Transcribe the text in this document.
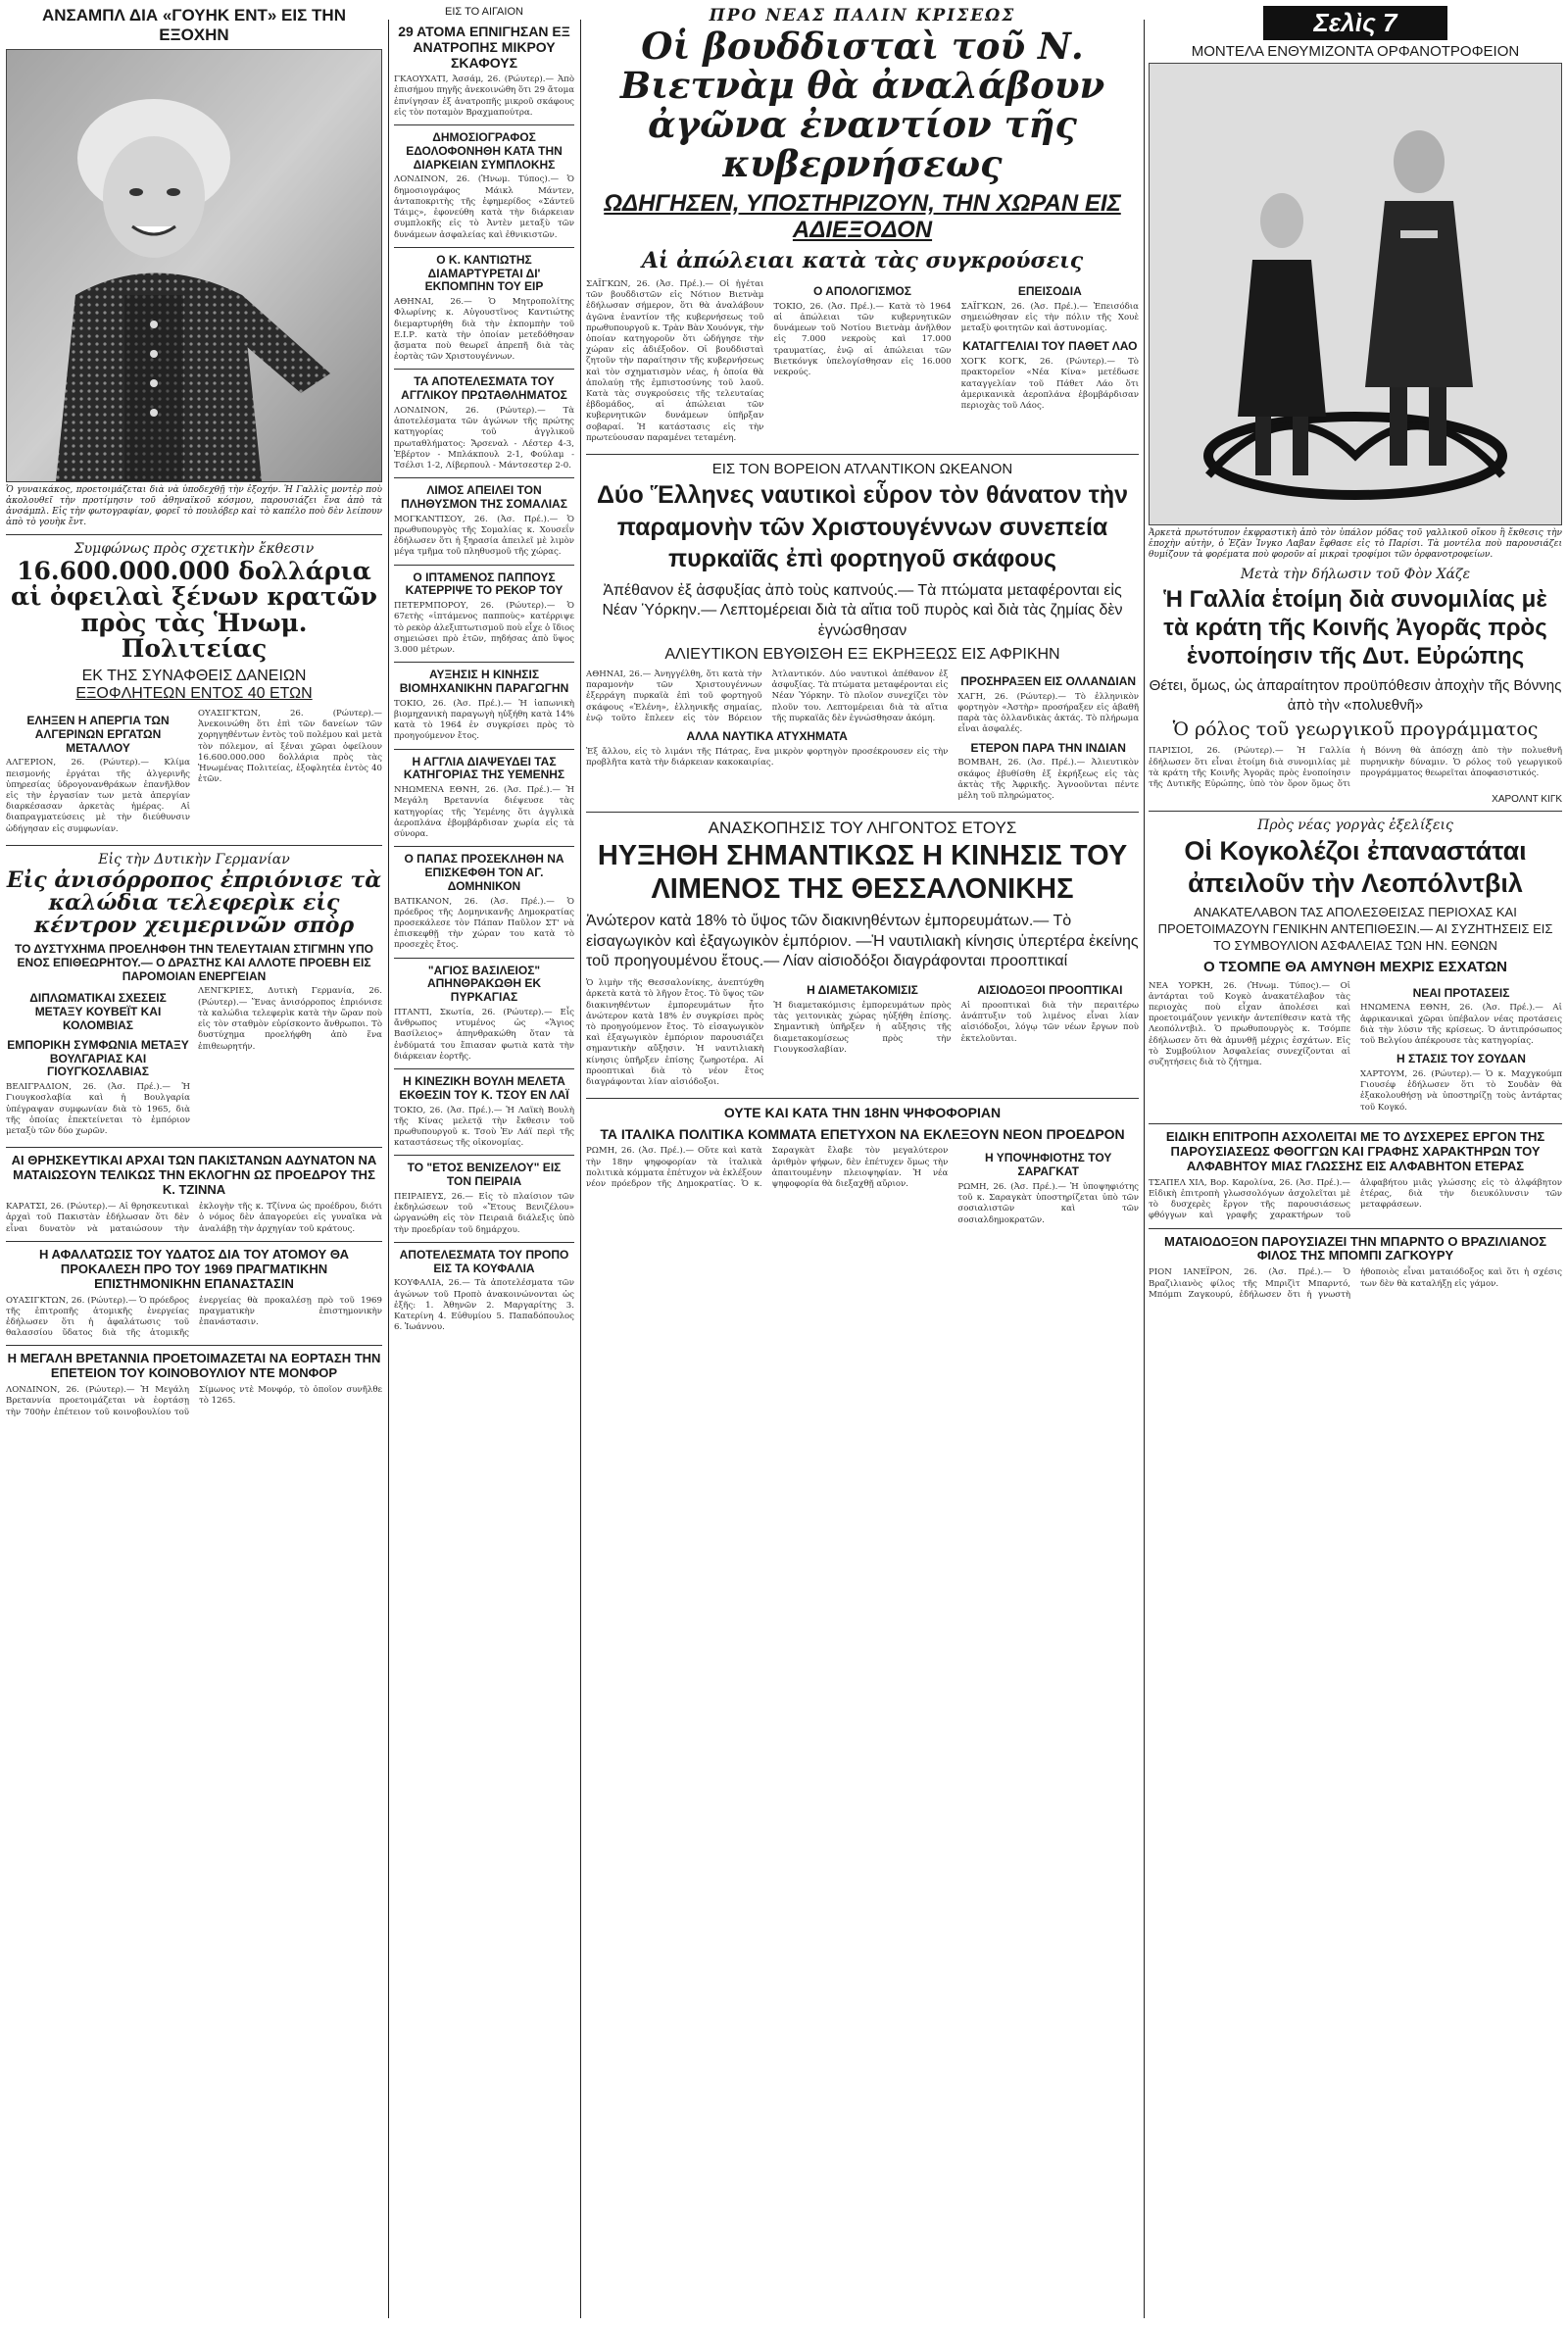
ΑΝΣΑΜΠΛ ΔΙΑ «ΓΟΥΗΚ ΕΝΤ» ΕΙΣ ΤΗΝ ΕΞΟΧΗΝ
Ὁ γυναικάκος, προετοιμάζεται διὰ νὰ ὑποδεχθῇ τὴν ἐξοχήν. Ἡ Γαλλὶς μοντὲρ ποὺ ἀκολουθεῖ τὴν προτίμησιν τοῦ ἀθηναϊκοῦ κόσμου, παρουσιάζει ἕνα ἀπὸ τὰ ἀνσάμπλ. Εἰς τὴν φωτογραφίαν, φορεῖ τὸ πουλόβερ καὶ τὸ καπέλο ποὺ δὲν λείπουν ἀπὸ τὸ γουὴκ ἔντ.
Συμφώνως πρὸς σχετικὴν ἔκθεσιν
16.600.000.000 δολλάρια αἱ ὀφειλαὶ ξένων κρατῶν πρὸς τὰς Ἡνωμ. Πολιτείας
ΕΚ ΤΗΣ ΣΥΝΑΦΘΕΙΣ ΔΑΝΕΙΩΝ
ΕΞΟΦΛΗΤΕΩΝ ΕΝΤΟΣ 40 ΕΤΩΝ
ΕΛΗΞΕΝ Η ΑΠΕΡΓΙΑ ΤΩΝ ΑΛΓΕΡΙΝΩΝ ΕΡΓΑΤΩΝ ΜΕΤΑΛΛΟΥ
ΑΛΓΕΡΙΟΝ, 26. (Ρώυτερ).— Κλίμα πεισμονής ἐργάται τῆς ἀλγερινῆς ὑπηρεσίας ὑδρογονανθράκων ἐπανῆλθον εἰς τὴν ἐργασίαν των μετὰ ἀπεργίαν διαρκέσασαν ἀρκετὰς ἡμέρας. Αἱ διαπραγματεύσεις μὲ τὴν διεύθυνσιν ὡδήγησαν εἰς συμφωνίαν.
ΟΥΑΣΙΓΚΤΩΝ, 26. (Ρώυτερ).— Ἀνεκοινώθη ὅτι ἐπὶ τῶν δανείων τῶν χορηγηθέντων ἐντὸς τοῦ πολέμου καὶ μετὰ τὸν πόλεμον, αἱ ξέναι χῶραι ὀφείλουν 16.600.000.000 δολλάρια πρὸς τὰς Ἡνωμένας Πολιτείας, ἐξοφλητέα ἐντὸς 40 ἐτῶν.
Εἰς τὴν Δυτικὴν Γερμανίαν
Εἰς ἀνισόρροπος ἐπριόνισε τὰ καλώδια τελεφερὶκ εἰς κέντρον χειμερινῶν σπὸρ
ΤΟ ΔΥΣΤΥΧΗΜΑ ΠΡΟΕΛΗΦΘΗ ΤΗΝ ΤΕΛΕΥΤΑΙΑΝ ΣΤΙΓΜΗΝ ΥΠΟ ΕΝΟΣ ΕΠΙΘΕΩΡΗΤΟΥ.— Ο ΔΡΑΣΤΗΣ ΚΑΙ ΑΛΛΟΤΕ ΠΡΟΕΒΗ ΕΙΣ ΠΑΡΟΜΟΙΑΝ ΕΝΕΡΓΕΙΑΝ
ΔΙΠΛΩΜΑΤΙΚΑΙ ΣΧΕΣΕΙΣ ΜΕΤΑΞΥ ΚΟΥΒΕΪΤ ΚΑΙ ΚΟΛΟΜΒΙΑΣ
ΕΜΠΟΡΙΚΗ ΣΥΜΦΩΝΙΑ ΜΕΤΑΞΥ ΒΟΥΛΓΑΡΙΑΣ ΚΑΙ ΓΙΟΥΓΚΟΣΛΑΒΙΑΣ
ΒΕΛΙΓΡΑΔΙΟΝ, 26. (Ἀσ. Πρέ.).— Ἡ Γιουγκοσλαβία καὶ ἡ Βουλγαρία ὑπέγραψαν συμφωνίαν διὰ τὸ 1965, διὰ τῆς ὁποίας ἐπεκτείνεται τὸ ἐμπόριον μεταξὺ τῶν δύο χωρῶν.
ΛΕΝΓΚΡΙΕΣ, Δυτικὴ Γερμανία, 26. (Ρώυτερ).— Ἕνας ἀνισόρροπος ἐπριόνισε τὰ καλώδια τελεφερὶκ κατὰ τὴν ὥραν ποὺ εἰς τὸν σταθμὸν εὑρίσκοντο ἄνθρωποι. Τὸ δυστύχημα προελήφθη ἀπὸ ἕνα ἐπιθεωρητήν.
ΑΙ ΘΡΗΣΚΕΥΤΙΚΑΙ ΑΡΧΑΙ ΤΩΝ ΠΑΚΙΣΤΑΝΩΝ ΑΔΥΝΑΤΟΝ ΝΑ ΜΑΤΑΙΩΣΟΥΝ ΤΕΛΙΚΩΣ ΤΗΝ ΕΚΛΟΓΗΝ ΩΣ ΠΡΟΕΔΡΟΥ ΤΗΣ Κ. ΤΖΙΝΝΑ
ΚΑΡΑΤΣΙ, 26. (Ρώυτερ).— Αἱ θρησκευτικαὶ ἀρχαὶ τοῦ Πακιστὰν ἐδήλωσαν ὅτι δὲν εἶναι δυνατὸν νὰ ματαιώσουν τὴν ἐκλογὴν τῆς κ. Τζίννα ὡς προέδρου, διότι ὁ νόμος δὲν ἀπαγορεύει εἰς γυναῖκα νὰ ἀναλάβῃ τὴν ἀρχηγίαν τοῦ κράτους.
Η ΑΦΑΛΑΤΩΣΙΣ ΤΟΥ ΥΔΑΤΟΣ ΔΙΑ ΤΟΥ ΑΤΟΜΟΥ ΘΑ ΠΡΟΚΑΛΕΣΗ ΠΡΟ ΤΟΥ 1969 ΠΡΑΓΜΑΤΙΚΗΝ ΕΠΙΣΤΗΜΟΝΙΚΗΝ ΕΠΑΝΑΣΤΑΣΙΝ
ΟΥΑΣΙΓΚΤΩΝ, 26. (Ρώυτερ).— Ὁ πρόεδρος τῆς ἐπιτροπῆς ἀτομικῆς ἐνεργείας ἐδήλωσεν ὅτι ἡ ἀφαλάτωσις τοῦ θαλασσίου ὕδατος διὰ τῆς ἀτομικῆς ἐνεργείας θὰ προκαλέσῃ πρὸ τοῦ 1969 πραγματικὴν ἐπιστημονικὴν ἐπανάστασιν.
Η ΜΕΓΑΛΗ ΒΡΕΤΑΝΝΙΑ ΠΡΟΕΤΟΙΜΑΖΕΤΑΙ ΝΑ ΕΟΡΤΑΣΗ ΤΗΝ ΕΠΕΤΕΙΟΝ ΤΟΥ ΚΟΙΝΟΒΟΥΛΙΟΥ ΝΤΕ ΜΟΝΦΟΡ
ΛΟΝΔΙΝΟΝ, 26. (Ρώυτερ).— Ἡ Μεγάλη Βρεταννία προετοιμάζεται νὰ ἑορτάσῃ τὴν 700ὴν ἐπέτειον τοῦ κοινοβουλίου τοῦ Σίμωνος ντὲ Μονφόρ, τὸ ὁποῖον συνῆλθε τὸ 1265.
ΕΙΣ ΤΟ ΑΙΓΑΙΟΝ
29 ΑΤΟΜΑ ΕΠΝΙΓΗΣΑΝ ΕΞ ΑΝΑΤΡΟΠΗΣ ΜΙΚΡΟΥ ΣΚΑΦΟΥΣ
ΓΚΑΟΥΧΑΤΙ, Ἀσσάμ, 26. (Ρώυτερ).— Ἀπὸ ἐπισήμου πηγῆς ἀνεκοινώθη ὅτι 29 ἄτομα ἐπνίγησαν ἐξ ἀνατροπῆς μικροῦ σκάφους εἰς τὸν ποταμὸν Βραχμαπούτρα.
ΔΗΜΟΣΙΟΓΡΑΦΟΣ ΕΔΟΛΟΦΟΝΗΘΗ ΚΑΤΑ ΤΗΝ ΔΙΑΡΚΕΙΑΝ ΣΥΜΠΛΟΚΗΣ
ΛΟΝΔΙΝΟΝ, 26. (Ἡνωμ. Τύπος).— Ὁ δημοσιογράφος Μάικλ Μάντεν, ἀνταποκριτὴς τῆς ἐφημερίδος «Σάντεϋ Τάιμς», ἐφονεύθη κατὰ τὴν διάρκειαν συμπλοκῆς εἰς τὸ Ἀντὲν μεταξὺ τῶν δυνάμεων ἀσφαλείας καὶ ἐθνικιστῶν.
Ο Κ. ΚΑΝΤΙΩΤΗΣ ΔΙΑΜΑΡΤΥΡΕΤΑΙ ΔΙ' ΕΚΠΟΜΠΗΝ ΤΟΥ ΕΙΡ
ΑΘΗΝΑΙ, 26.— Ὁ Μητροπολίτης Φλωρίνης κ. Αὐγουστῖνος Καντιώτης διεμαρτυρήθη διὰ τὴν ἐκπομπὴν τοῦ Ε.Ι.Ρ. κατὰ τὴν ὁποίαν μετεδόθησαν ᾄσματα ποὺ θεωρεῖ ἀπρεπῆ διὰ τὰς ἑορτὰς τῶν Χριστουγέννων.
ΤΑ ΑΠΟΤΕΛΕΣΜΑΤΑ ΤΟΥ ΑΓΓΛΙΚΟΥ ΠΡΩΤΑΘΛΗΜΑΤΟΣ
ΛΟΝΔΙΝΟΝ, 26. (Ρώυτερ).— Τὰ ἀποτελέσματα τῶν ἀγώνων τῆς πρώτης κατηγορίας τοῦ ἀγγλικοῦ πρωταθλήματος: Ἄρσεναλ - Λέστερ 4-3, Ἐβέρτον - Μπλάκπουλ 2-1, Φούλαμ - Τσέλσι 1-2, Λίβερπουλ - Μάντσεστερ 2-0.
ΛΙΜΟΣ ΑΠΕΙΛΕΙ ΤΟΝ ΠΛΗΘΥΣΜΟΝ ΤΗΣ ΣΟΜΑΛΙΑΣ
ΜΟΓΚΑΝΤΙΣΟΥ, 26. (Ἀσ. Πρέ.).— Ὁ πρωθυπουργὸς τῆς Σομαλίας κ. Χουσεΐν ἐδήλωσεν ὅτι ἡ ξηρασία ἀπειλεῖ μὲ λιμὸν μέγα τμῆμα τοῦ πληθυσμοῦ τῆς χώρας.
Ο ΙΠΤΑΜΕΝΟΣ ΠΑΠΠΟΥΣ ΚΑΤΕΡΡΙΨΕ ΤΟ ΡΕΚΟΡ ΤΟΥ
ΠΕΤΕΡΜΠΟΡΟΥ, 26. (Ρώυτερ).— Ὁ 67ετὴς «ἱπτάμενος παπποὺς» κατέρριψε τὸ ρεκὸρ ἀλεξιπτωτισμοῦ ποὺ εἶχε ὁ ἴδιος σημειώσει πρὸ ἐτῶν, πηδήσας ἀπὸ ὕψος 3.000 μέτρων.
ΑΥΞΗΣΙΣ Η ΚΙΝΗΣΙΣ ΒΙΟΜΗΧΑΝΙΚΗΝ ΠΑΡΑΓΩΓΗΝ
ΤΟΚΙΟ, 26. (Ἀσ. Πρέ.).— Ἡ ἰαπωνικὴ βιομηχανικὴ παραγωγὴ ηὐξήθη κατὰ 14% κατὰ τὸ 1964 ἐν συγκρίσει πρὸς τὸ προηγούμενον ἔτος.
Η ΑΓΓΛΙΑ ΔΙΑΨΕΥΔΕΙ ΤΑΣ ΚΑΤΗΓΟΡΙΑΣ ΤΗΣ ΥΕΜΕΝΗΣ
ΝΗΩΜΕΝΑ ΕΘΝΗ, 26. (Ἀσ. Πρέ.).— Ἡ Μεγάλη Βρεταννία διέψευσε τὰς κατηγορίας τῆς Ὑεμένης ὅτι ἀγγλικὰ ἀεροπλάνα ἐβομβάρδισαν χωρία εἰς τὰ σύνορα.
Ο ΠΑΠΑΣ ΠΡΟΣΕΚΛΗΘΗ ΝΑ ΕΠΙΣΚΕΦΘΗ ΤΟΝ ΑΓ. ΔΟΜΗΝΙΚΟΝ
ΒΑΤΙΚΑΝΟΝ, 26. (Ἀσ. Πρέ.).— Ὁ πρόεδρος τῆς Δομηνικανῆς Δημοκρατίας προσεκάλεσε τὸν Πάπαν Παῦλον ΣΤ' νὰ ἐπισκεφθῇ τὴν χώραν του κατὰ τὸ προσεχὲς ἔτος.
"ΑΓΙΟΣ ΒΑΣΙΛΕΙΟΣ" ΑΠΗΝΘΡΑΚΩΘΗ ΕΚ ΠΥΡΚΑΓΙΑΣ
ΠΤΑΝΤΙ, Σκωτία, 26. (Ρώυτερ).— Εἷς ἄνθρωπος ντυμένος ὡς «Ἅγιος Βασίλειος» ἀπηνθρακώθη ὅταν τὰ ἐνδύματά του ἔπιασαν φωτιὰ κατὰ τὴν διάρκειαν ἑορτῆς.
Η ΚΙΝΕΖΙΚΗ ΒΟΥΛΗ ΜΕΛΕΤΑ ΕΚΘΕΣΙΝ ΤΟΥ Κ. ΤΣΟΥ ΕΝ ΛΑΪ
ΤΟΚΙΟ, 26. (Ἀσ. Πρέ.).— Ἡ Λαϊκὴ Βουλὴ τῆς Κίνας μελετᾷ τὴν ἔκθεσιν τοῦ πρωθυπουργοῦ κ. Τσοὺ Ἐν Λάϊ περὶ τῆς καταστάσεως τῆς οἰκονομίας.
ΤΟ "ΕΤΟΣ ΒΕΝΙΖΕΛΟΥ" ΕΙΣ ΤΟΝ ΠΕΙΡΑΙΑ
ΠΕΙΡΑΙΕΥΣ, 26.— Εἰς τὸ πλαίσιον τῶν ἐκδηλώσεων τοῦ «Ἔτους Βενιζέλου» ὠργανώθη εἰς τὸν Πειραιᾶ διάλεξις ὑπὸ τὴν προεδρίαν τοῦ δημάρχου.
ΑΠΟΤΕΛΕΣΜΑΤΑ ΤΟΥ ΠΡΟΠΟ ΕΙΣ ΤΑ ΚΟΥΦΑΛΙΑ
ΚΟΥΦΑΛΙΑ, 26.— Τὰ ἀποτελέσματα τῶν ἀγώνων τοῦ Προπὸ ἀνακοινώνονται ὡς ἑξῆς: 1. Ἀθηνῶν 2. Μαργαρίτης 3. Κατερίνη 4. Εὐθυμίου 5. Παπαδόπουλος 6. Ἰωάννου.
ΠΡΟ ΝΕΑΣ ΠΑΛΙΝ ΚΡΙΣΕΩΣ
Οἱ βουδδισταὶ τοῦ Ν. Βιετνὰμ θὰ ἀναλάβουν ἀγῶνα ἐναντίον τῆς κυβερνήσεως
ΩΔΗΓΗΣΕΝ, ΥΠΟΣΤΗΡΙΖΟΥΝ, ΤΗΝ ΧΩΡΑΝ ΕΙΣ ΑΔΙΕΞΟΔΟΝ
Αἱ ἀπώλειαι κατὰ τὰς συγκρούσεις
ΣΑΪΓΚΩΝ, 26. (Ἀσ. Πρέ.).— Οἱ ἡγέται τῶν βουδδιστῶν εἰς Νότιον Βιετνὰμ ἐδήλωσαν σήμερον, ὅτι θὰ ἀναλάβουν ἀγῶνα ἐναντίον τῆς κυβερνήσεως τοῦ πρωθυπουργοῦ κ. Τρὰν Βὰν Χουόνγκ, τὴν ὁποίαν κατηγοροῦν ὅτι ὡδήγησε τὴν χώραν εἰς ἀδιέξοδον. Οἱ βουδδισταὶ ζητοῦν τὴν παραίτησιν τῆς κυβερνήσεως καὶ τὸν σχηματισμὸν νέας, ἡ ὁποία θὰ ἀπολαύῃ τῆς ἐμπιστοσύνης τοῦ λαοῦ. Κατὰ τὰς συγκρούσεις τῆς τελευταίας ἑβδομάδος, αἱ ἀπώλειαι τῶν κυβερνητικῶν δυνάμεων ὑπῆρξαν σοβαραί. Ἡ κατάστασις εἰς τὴν πρωτεύουσαν παραμένει τεταμένη.
Ο ΑΠΟΛΟΓΙΣΜΟΣ
ΤΟΚΙΟ, 26. (Ἀσ. Πρέ.).— Κατὰ τὸ 1964 αἱ ἀπώλειαι τῶν κυβερνητικῶν δυνάμεων τοῦ Νοτίου Βιετνὰμ ἀνῆλθον εἰς 7.000 νεκροὺς καὶ 17.000 τραυματίας, ἐνῷ αἱ ἀπώλειαι τῶν Βιετκόνγκ ὑπελογίσθησαν εἰς 16.000 νεκρούς.
ΕΠΕΙΣΟΔΙΑ
ΣΑΪΓΚΩΝ, 26. (Ἀσ. Πρέ.).— Ἐπεισόδια σημειώθησαν εἰς τὴν πόλιν τῆς Χουὲ μεταξὺ φοιτητῶν καὶ ἀστυνομίας.
ΚΑΤΑΓΓΕΛΙΑΙ ΤΟΥ ΠΑΘΕΤ ΛΑΟ
ΧΟΓΚ ΚΟΓΚ, 26. (Ρώυτερ).— Τὸ πρακτορεῖον «Νέα Κίνα» μετέδωσε καταγγελίαν τοῦ Πάθετ Λάο ὅτι ἀμερικανικὰ ἀεροπλάνα ἐβομβάρδισαν περιοχὰς τοῦ Λάος.
ΕΙΣ ΤΟΝ ΒΟΡΕΙΟΝ ΑΤΛΑΝΤΙΚΟΝ ΩΚΕΑΝΟΝ
Δύο Ἕλληνες ναυτικοὶ εὗρον τὸν θάνατον τὴν παραμονὴν τῶν Χριστουγέννων συνεπεία πυρκαϊᾶς ἐπὶ φορτηγοῦ σκάφους
Ἀπέθανον ἐξ ἀσφυξίας ἀπὸ τοὺς καπνούς.— Τὰ πτώματα μεταφέρονται εἰς Νέαν Ὑόρκην.— Λεπτομέρειαι διὰ τὰ αἴτια τοῦ πυρὸς καὶ διὰ τὰς ζημίας δὲν ἐγνώσθησαν
ΑΛΙΕΥΤΙΚΟΝ ΕΒΥΘΙΣΘΗ ΕΞ ΕΚΡΗΞΕΩΣ ΕΙΣ ΑΦΡΙΚΗΝ
ΑΘΗΝΑΙ, 26.— Ἀνηγγέλθη, ὅτι κατὰ τὴν παραμονὴν τῶν Χριστουγέννων ἐξερράγη πυρκαϊὰ ἐπὶ τοῦ φορτηγοῦ σκάφους «Ἑλένη», ἑλληνικῆς σημαίας, ἐνῷ τοῦτο ἔπλεεν εἰς τὸν Βόρειον Ἀτλαντικόν. Δύο ναυτικοὶ ἀπέθανον ἐξ ἀσφυξίας. Τὰ πτώματα μεταφέρονται εἰς Νέαν Ὑόρκην. Τὸ πλοῖον συνεχίζει τὸν πλοῦν του. Λεπτομέρειαι διὰ τὰ αἴτια τῆς πυρκαϊᾶς δὲν ἐγνώσθησαν ἀκόμη.
ΑΛΛΑ ΝΑΥΤΙΚΑ ΑΤΥΧΗΜΑΤΑ
Ἐξ ἄλλου, εἰς τὸ λιμάνι τῆς Πάτρας, ἕνα μικρὸν φορτηγὸν προσέκρουσεν εἰς τὴν προβλῆτα κατὰ τὴν διάρκειαν κακοκαιρίας.
ΠΡΟΣΗΡΑΞΕΝ ΕΙΣ ΟΛΛΑΝΔΙΑΝ
ΧΑΓΗ, 26. (Ρώυτερ).— Τὸ ἑλληνικὸν φορτηγὸν «Ἀστὴρ» προσήραξεν εἰς ἀβαθῆ παρὰ τὰς ὀλλανδικὰς ἀκτάς. Τὸ πλήρωμα εἶναι ἀσφαλές.
ΕΤΕΡΟΝ ΠΑΡΑ ΤΗΝ ΙΝΔΙΑΝ
ΒΟΜΒΑΗ, 26. (Ἀσ. Πρέ.).— Ἀλιευτικὸν σκάφος ἐβυθίσθη ἐξ ἐκρήξεως εἰς τὰς ἀκτὰς τῆς Ἀφρικῆς. Ἀγνοοῦνται πέντε μέλη τοῦ πληρώματος.
ΑΝΑΣΚΟΠΗΣΙΣ ΤΟΥ ΛΗΓΟΝΤΟΣ ΕΤΟΥΣ
ΗΥΞΗΘΗ ΣΗΜΑΝΤΙΚΩΣ Η ΚΙΝΗΣΙΣ ΤΟΥ ΛΙΜΕΝΟΣ ΤΗΣ ΘΕΣΣΑΛΟΝΙΚΗΣ
Ἀνώτερον κατὰ 18% τὸ ὕψος τῶν διακινηθέντων ἐμπορευμάτων.— Τὸ εἰσαγωγικὸν καὶ ἐξαγωγικὸν ἐμπόριον. —Ἡ ναυτιλιακὴ κίνησις ὑπερτέρα ἐκείνης τοῦ προηγουμένου ἔτους.— Λίαν αἰσιοδόξοι διαγράφονται προοπτικαί
Ὁ λιμὴν τῆς Θεσσαλονίκης, ἀνεπτύχθη ἀρκετὰ κατὰ τὸ λῆγον ἔτος. Τὸ ὕψος τῶν διακινηθέντων ἐμπορευμάτων ἦτο ἀνώτερον κατὰ 18% ἐν συγκρίσει πρὸς τὸ προηγούμενον ἔτος. Τὸ εἰσαγωγικὸν καὶ ἐξαγωγικὸν ἐμπόριον παρουσιάζει σημαντικὴν αὔξησιν. Ἡ ναυτιλιακὴ κίνησις ὑπῆρξεν ἐπίσης ζωηροτέρα. Αἱ προοπτικαὶ διὰ τὸ νέον ἔτος διαγράφονται λίαν αἰσιόδοξοι.
Η ΔΙΑΜΕΤΑΚΟΜΙΣΙΣ
Ἡ διαμετακόμισις ἐμπορευμάτων πρὸς τὰς γειτονικὰς χώρας ηὐξήθη ἐπίσης. Σημαντικὴ ὑπῆρξεν ἡ αὔξησις τῆς διαμετακομίσεως πρὸς τὴν Γιουγκοσλαβίαν.
ΑΙΣΙΟΔΟΞΟΙ ΠΡΟΟΠΤΙΚΑΙ
Αἱ προοπτικαὶ διὰ τὴν περαιτέρω ἀνάπτυξιν τοῦ λιμένος εἶναι λίαν αἰσιόδοξοι, λόγῳ τῶν νέων ἔργων ποὺ ἐκτελοῦνται.
ΟΥΤΕ ΚΑΙ ΚΑΤΑ ΤΗΝ 18ΗΝ ΨΗΦΟΦΟΡΙΑΝ
ΤΑ ΙΤΑΛΙΚΑ ΠΟΛΙΤΙΚΑ ΚΟΜΜΑΤΑ ΕΠΕΤΥΧΟΝ ΝΑ ΕΚΛΕΞΟΥΝ ΝΕΟΝ ΠΡΟΕΔΡΟΝ
ΡΩΜΗ, 26. (Ἀσ. Πρέ.).— Οὔτε καὶ κατὰ τὴν 18ην ψηφοφορίαν τὰ ἰταλικὰ πολιτικὰ κόμματα ἐπέτυχον νὰ ἐκλέξουν νέον πρόεδρον τῆς Δημοκρατίας. Ὁ κ. Σαραγκὰτ ἔλαβε τὸν μεγαλύτερον ἀριθμὸν ψήφων, δὲν ἐπέτυχεν ὅμως τὴν ἀπαιτουμένην πλειοψηφίαν. Ἡ νέα ψηφοφορία θὰ διεξαχθῇ αὔριον.
Η ΥΠΟΨΗΦΙΟΤΗΣ ΤΟΥ ΣΑΡΑΓΚΑΤ
ΡΩΜΗ, 26. (Ἀσ. Πρέ.).— Ἡ ὑποψηφιότης τοῦ κ. Σαραγκὰτ ὑποστηρίζεται ὑπὸ τῶν σοσιαλιστῶν καὶ τῶν σοσιαλδημοκρατῶν.
Σελὶς 7
ΜΟΝΤΕΛΑ ΕΝΘΥΜΙΖΟΝΤΑ ΟΡΦΑΝΟΤΡΟΦΕΙΟΝ
Ἀρκετὰ πρωτότυπον ἐκφραστικὴ ἀπὸ τὸν ὑπάλον μόδας τοῦ γαλλικοῦ οἴκου ἢ ἔκθεσις τὴν ἐποχὴν αὐτὴν, ὁ Ἐζὰν Ἰνγκο Λαβαν ἔφθασε εἰς τὸ Παρίσι. Τὰ μοντέλα ποὺ παρουσιάζει θυμίζουν τὰ φορέματα ποὺ φοροῦν αἱ μικραὶ τροφίμοι τῶν ὀρφανοτροφείων.
Μετὰ τὴν δήλωσιν τοῦ Φὸν Χάζε
Ἡ Γαλλία ἑτοίμη διὰ συνομιλίας μὲ τὰ κράτη τῆς Κοινῆς Ἀγορᾶς πρὸς ἑνοποίησιν τῆς Δυτ. Εὐρώπης
Θέτει, ὅμως, ὡς ἀπαραίτητον προϋπόθεσιν ἀποχὴν τῆς Βόννης ἀπὸ τὴν «πολυεθνῆ»
Ὁ ρόλος τοῦ γεωργικοῦ προγράμματος
ΠΑΡΙΣΙΟΙ, 26. (Ρώυτερ).— Ἡ Γαλλία ἐδήλωσεν ὅτι εἶναι ἑτοίμη διὰ συνομιλίας μὲ τὰ κράτη τῆς Κοινῆς Ἀγορᾶς πρὸς ἑνοποίησιν τῆς Δυτικῆς Εὐρώπης, ὑπὸ τὸν ὅρον ὅμως ὅτι ἡ Βόννη θὰ ἀπόσχῃ ἀπὸ τὴν πολυεθνῆ πυρηνικὴν δύναμιν. Ὁ ρόλος τοῦ γεωργικοῦ προγράμματος θεωρεῖται ἀποφασιστικός.
ΧΑΡΟΛΝΤ ΚΙΓΚ
Πρὸς νέας γοργὰς ἐξελίξεις
Οἱ Κογκολέζοι ἐπαναστάται ἀπειλοῦν τὴν Λεοπόλντβιλ
ΑΝΑΚΑΤΕΛΑΒΟΝ ΤΑΣ ΑΠΟΛΕΣΘΕΙΣΑΣ ΠΕΡΙΟΧΑΣ ΚΑΙ ΠΡΟΕΤΟΙΜΑΖΟΥΝ ΓΕΝΙΚΗΝ ΑΝΤΕΠΙΘΕΣΙΝ.— ΑΙ ΣΥΖΗΤΗΣΕΙΣ ΕΙΣ ΤΟ ΣΥΜΒΟΥΛΙΟΝ ΑΣΦΑΛΕΙΑΣ ΤΩΝ ΗΝ. ΕΘΝΩΝ
Ο ΤΣΟΜΠΕ ΘΑ ΑΜΥΝΘΗ ΜΕΧΡΙΣ ΕΣΧΑΤΩΝ
ΝΕΑ ΥΟΡΚΗ, 26. (Ἡνωμ. Τύπος).— Οἱ ἀντάρται τοῦ Κογκὸ ἀνακατέλαβον τὰς περιοχὰς ποὺ εἶχαν ἀπολέσει καὶ προετοιμάζουν γενικὴν ἀντεπίθεσιν κατὰ τῆς Λεοπόλντβιλ. Ὁ πρωθυπουργὸς κ. Τσόμπε ἐδήλωσεν ὅτι θὰ ἀμυνθῇ μέχρις ἐσχάτων. Εἰς τὸ Συμβούλιον Ἀσφαλείας συνεχίζονται αἱ συζητήσεις διὰ τὸ ζήτημα.
ΝΕΑΙ ΠΡΟΤΑΣΕΙΣ
ΗΝΩΜΕΝΑ ΕΘΝΗ, 26. (Ἀσ. Πρέ.).— Αἱ ἀφρικανικαὶ χῶραι ὑπέβαλον νέας προτάσεις διὰ τὴν λύσιν τῆς κρίσεως. Ὁ ἀντιπρόσωπος τοῦ Βελγίου ἀπέκρουσε τὰς κατηγορίας.
Η ΣΤΑΣΙΣ ΤΟΥ ΣΟΥΔΑΝ
ΧΑΡΤΟΥΜ, 26. (Ρώυτερ).— Ὁ κ. Μαχγκούμπ Γιουσέφ ἐδήλωσεν ὅτι τὸ Σουδὰν θὰ ἐξακολουθήσῃ νὰ ὑποστηρίζῃ τοὺς ἀντάρτας τοῦ Κογκό.
ΕΙΔΙΚΗ ΕΠΙΤΡΟΠΗ ΑΣΧΟΛΕΙΤΑΙ ΜΕ ΤΟ ΔΥΣΧΕΡΕΣ ΕΡΓΟΝ ΤΗΣ ΠΑΡΟΥΣΙΑΣΕΩΣ ΦΘΟΓΓΩΝ ΚΑΙ ΓΡΑΦΗΣ ΧΑΡΑΚΤΗΡΩΝ ΤΟΥ ΑΛΦΑΒΗΤΟΥ ΜΙΑΣ ΓΛΩΣΣΗΣ ΕΙΣ ΑΛΦΑΒΗΤΟΝ ΕΤΕΡΑΣ
ΤΣΑΠΕΛ ΧΙΛ, Βορ. Καρολίνα, 26. (Ἀσ. Πρέ.).— Εἰδικὴ ἐπιτροπὴ γλωσσολόγων ἀσχολεῖται μὲ τὸ δυσχερὲς ἔργον τῆς παρουσιάσεως φθόγγων καὶ γραφῆς χαρακτήρων τοῦ ἀλφαβήτου μιᾶς γλώσσης εἰς τὸ ἀλφάβητον ἑτέρας, διὰ τὴν διευκόλυνσιν τῶν μεταφράσεων.
ΜΑΤΑΙΟΔΟΞΟΝ ΠΑΡΟΥΣΙΑΖΕΙ ΤΗΝ ΜΠΑΡΝΤΟ Ο ΒΡΑΖΙΛΙΑΝΟΣ ΦΙΛΟΣ ΤΗΣ ΜΠΟΜΠΙ ΖΑΓΚΟΥΡΥ
ΡΙΟΝ ΙΑΝΕΪΡΟΝ, 26. (Ἀσ. Πρέ.).— Ὁ Βραζιλιανὸς φίλος τῆς Μπριζὶτ Μπαρντό, Μπόμπι Ζαγκουρύ, ἐδήλωσεν ὅτι ἡ γνωστὴ ἠθοποιὸς εἶναι ματαιόδοξος καὶ ὅτι ἡ σχέσις των δὲν θὰ καταλήξῃ εἰς γάμον.
